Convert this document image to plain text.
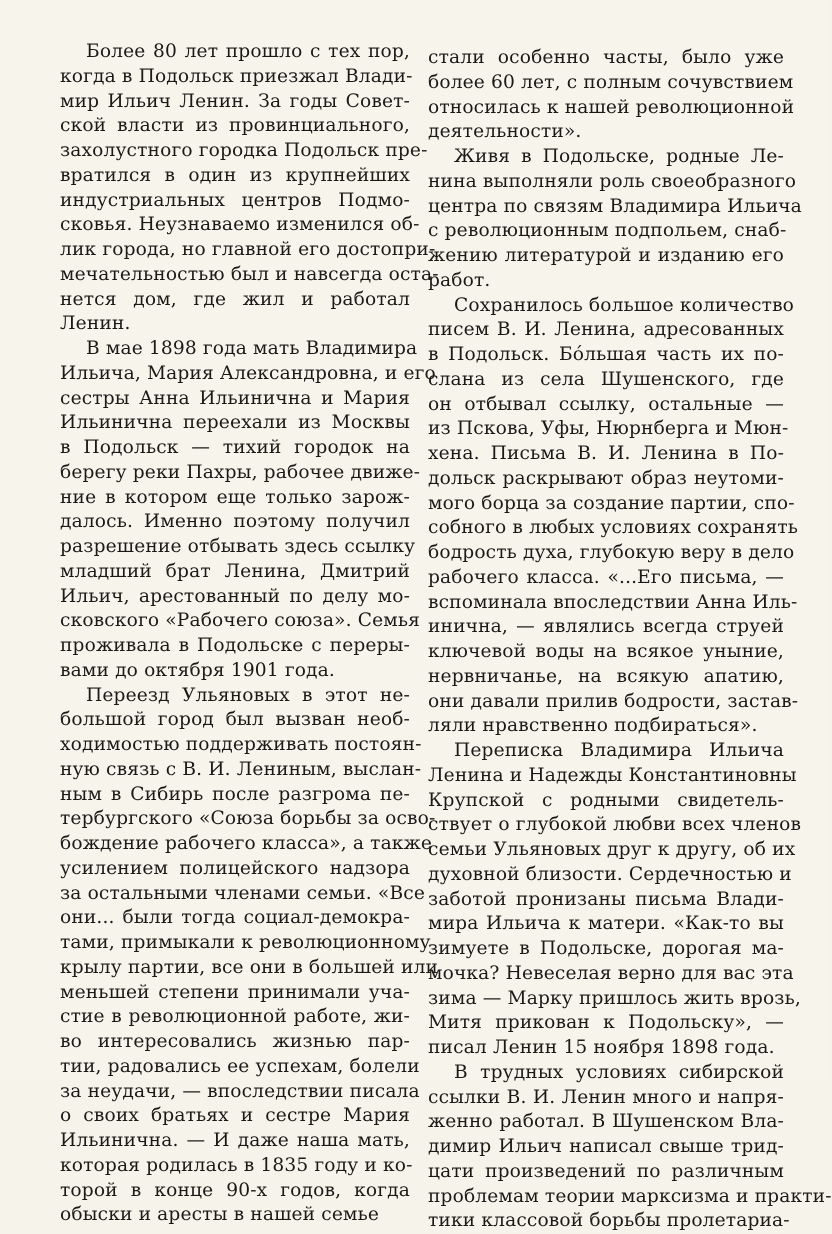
Более 80 лет прошло с тех пор,
когда в Подольск приезжал Влади-
мир Ильич Ленин. За годы Совет-
ской власти из провинциального,
захолустного городка Подольск пре-
вратился в один из крупнейших
индустриальных центров Подмо-
сковья. Неузнаваемо изменился об-
лик города, но главной его достопри-
мечательностью был и навсегда оста-
нется дом, где жил и работал
Ленин.
В мае 1898 года мать Владимира
Ильича, Мария Александровна, и его
сестры Анна Ильинична и Мария
Ильинична переехали из Москвы
в Подольск — тихий городок на
берегу реки Пахры, рабочее движе-
ние в котором еще только зарож-
далось. Именно поэтому получил
разрешение отбывать здесь ссылку
младший брат Ленина, Дмитрий
Ильич, арестованный по делу мо-
сковского «Рабочего союза». Семья
проживала в Подольске с переры-
вами до октября 1901 года.
Переезд Ульяновых в этот не-
большой город был вызван необ-
ходимостью поддерживать постоян-
ную связь с В. И. Лениным, выслан-
ным в Сибирь после разгрома пе-
тербургского «Союза борьбы за осво-
бождение рабочего класса», а также
усилением полицейского надзора
за остальными членами семьи. «Все
они... были тогда социал-демокра-
тами, примыкали к революционному
крылу партии, все они в большей или
меньшей степени принимали уча-
стие в революционной работе, жи-
во интересовались жизнью пар-
тии, радовались ее успехам, болели
за неудачи, — впоследствии писала
о своих братьях и сестре Мария
Ильинична. — И даже наша мать,
которая родилась в 1835 году и ко-
торой в конце 90-х годов, когда
обыски и аресты в нашей семье
стали особенно часты, было уже
более 60 лет, с полным сочувствием
относилась к нашей революционной
деятельности».
Живя в Подольске, родные Ле-
нина выполняли роль своеобразного
центра по связям Владимира Ильича
с революционным подпольем, снаб-
жению литературой и изданию его
работ.
Сохранилось большое количество
писем В. И. Ленина, адресованных
в Подольск. Бо́льшая часть их по-
слана из села Шушенского, где
он отбывал ссылку, остальные —
из Пскова, Уфы, Нюрнберга и Мюн-
хена. Письма В. И. Ленина в По-
дольск раскрывают образ неутоми-
мого борца за создание партии, спо-
собного в любых условиях сохранять
бодрость духа, глубокую веру в дело
рабочего класса. «...Его письма, —
вспоминала впоследствии Анна Иль-
инична, — являлись всегда струей
ключевой воды на всякое уныние,
нервничанье, на всякую апатию,
они давали прилив бодрости, застав-
ляли нравственно подбираться».
Переписка Владимира Ильича
Ленина и Надежды Константиновны
Крупской с родными свидетель-
ствует о глубокой любви всех членов
семьи Ульяновых друг к другу, об их
духовной близости. Сердечностью и
заботой пронизаны письма Влади-
мира Ильича к матери. «Как-то вы
зимуете в Подольске, дорогая ма-
мочка? Невеселая верно для вас эта
зима — Марку пришлось жить врозь,
Митя прикован к Подольску», —
писал Ленин 15 ноября 1898 года.
В трудных условиях сибирской
ссылки В. И. Ленин много и напря-
женно работал. В Шушенском Вла-
димир Ильич написал свыше трид-
цати произведений по различным
проблемам теории марксизма и практи-
тики классовой борьбы пролетариа-
